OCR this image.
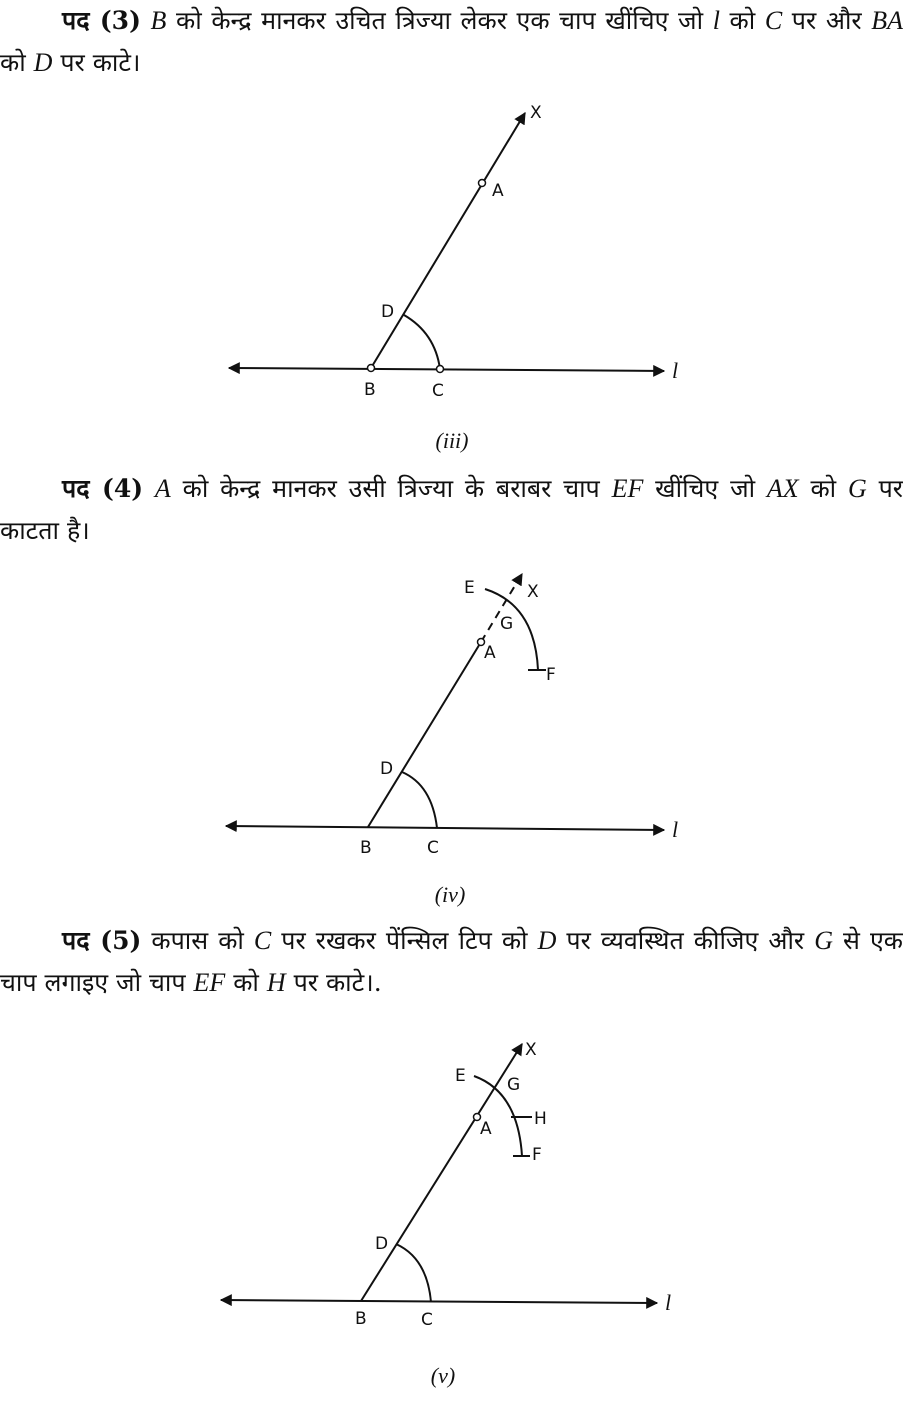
पद (3) B को केन्द्र मानकर उचित त्रिज्या लेकर एक चाप खींचिए जो l को C पर और BA को D पर काटे।

X
A
D
B	C
l
(iii)

पद (4) A को केन्द्र मानकर उसी त्रिज्या के बराबर चाप EF खींचिए जो AX को G पर काटता है।

E	X
G
A
F
D
B	C
l
(iv)

पद (5) कपास को C पर रखकर पेंन्सिल टिप को D पर व्यवस्थित कीजिए और G से एक चाप लगाइए जो चाप EF को H पर काटे।.

X
E G
A H
F
D
B	C
l
(v)
